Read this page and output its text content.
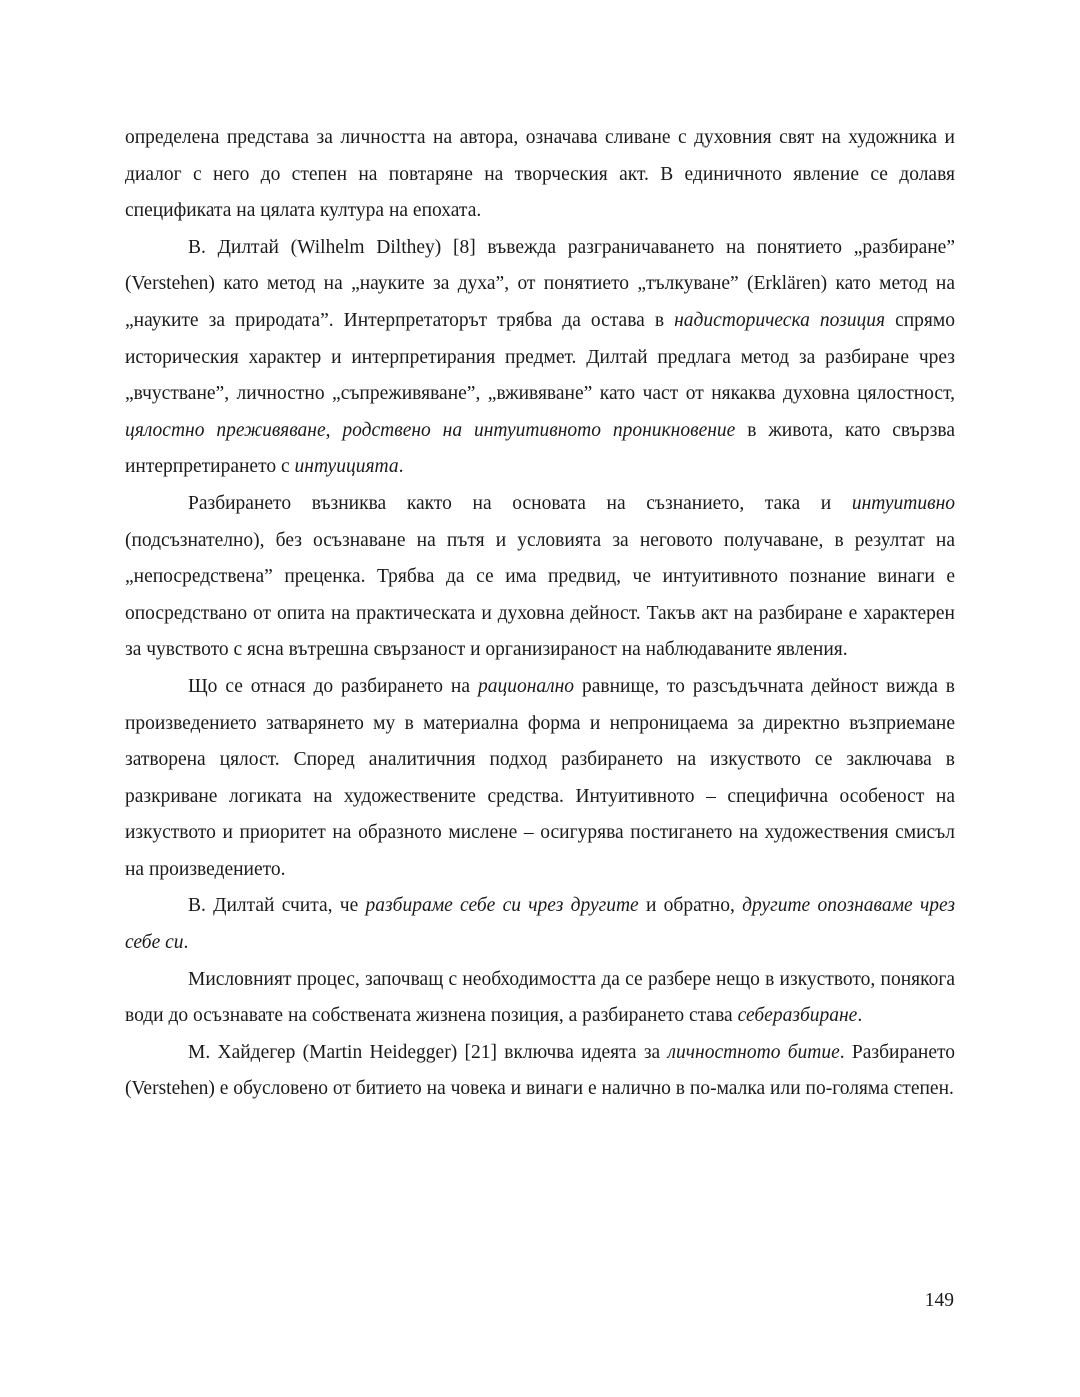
определена представа за личността на автора, означава сливане с духовния свят на художника и диалог с него до степен на повтаряне на творческия акт. В единичното явление се долавя спецификата на цялата култура на епохата.

В. Дилтай (Wilhelm Dilthey) [8] въвежда разграничаването на понятието „разбиране” (Verstehen) като метод на „науките за духа”, от понятието „тълкуване” (Erklären) като метод на „науките за природата”. Интерпретаторът трябва да остава в надисторическа позиция спрямо историческия характер и интерпретирания предмет. Дилтай предлага метод за разбиране чрез „вчустване”, личностно „съпреживяване”, „вживяване” като част от някаква духовна цялостност, цялостно преживяване, родствено на интуитивното проникновение в живота, като свързва интерпретирането с интуицията.

Разбирането възниква както на основата на съзнанието, така и интуитивно (подсъзнателно), без осъзнаване на пътя и условията за неговото получаване, в резултат на „непосредствена” преценка. Трябва да се има предвид, че интуитивното познание винаги е опосредствано от опита на практическата и духовна дейност. Такъв акт на разбиране е характерен за чувството с ясна вътрешна свързаност и организираност на наблюдаваните явления.

Що се отнася до разбирането на рационално равнище, то разсъдъчната дейност вижда в произведението затварянето му в материална форма и непроницаема за директно възприемане затворена цялост. Според аналитичния подход разбирането на изкуството се заключава в разкриване логиката на художествените средства. Интуитивното – специфична особеност на изкуството и приоритет на образното мислене – осигурява постигането на художествения смисъл на произведението.

В. Дилтай счита, че разбираме себе си чрез другите и обратно, другите опознаваме чрез себе си.

Мисловният процес, започващ с необходимостта да се разбере нещо в изкуството, понякога води до осъзнавате на собствената жизнена позиция, а разбирането става себеразбиране.

М. Хайдегер (Martin Heidegger) [21] включва идеята за личностното битие. Разбирането (Verstehen) е обусловено от битието на човека и винаги е налично в по-малка или по-голяма степен.

149
